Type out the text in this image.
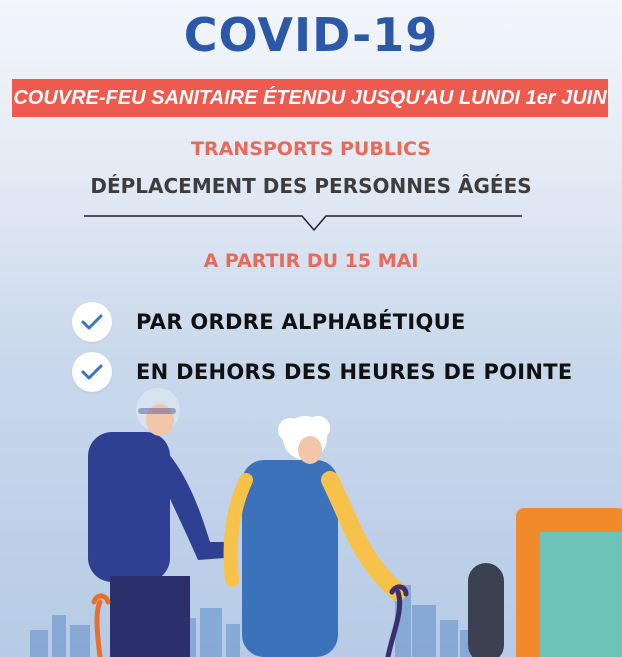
COVID-19
COUVRE-FEU SANITAIRE ÉTENDU JUSQU'AU LUNDI 1er JUIN
TRANSPORTS PUBLICS
DÉPLACEMENT DES PERSONNES ÂGÉES
A PARTIR DU 15 MAI
PAR ORDRE ALPHABÉTIQUE
EN DEHORS DES HEURES DE POINTE
